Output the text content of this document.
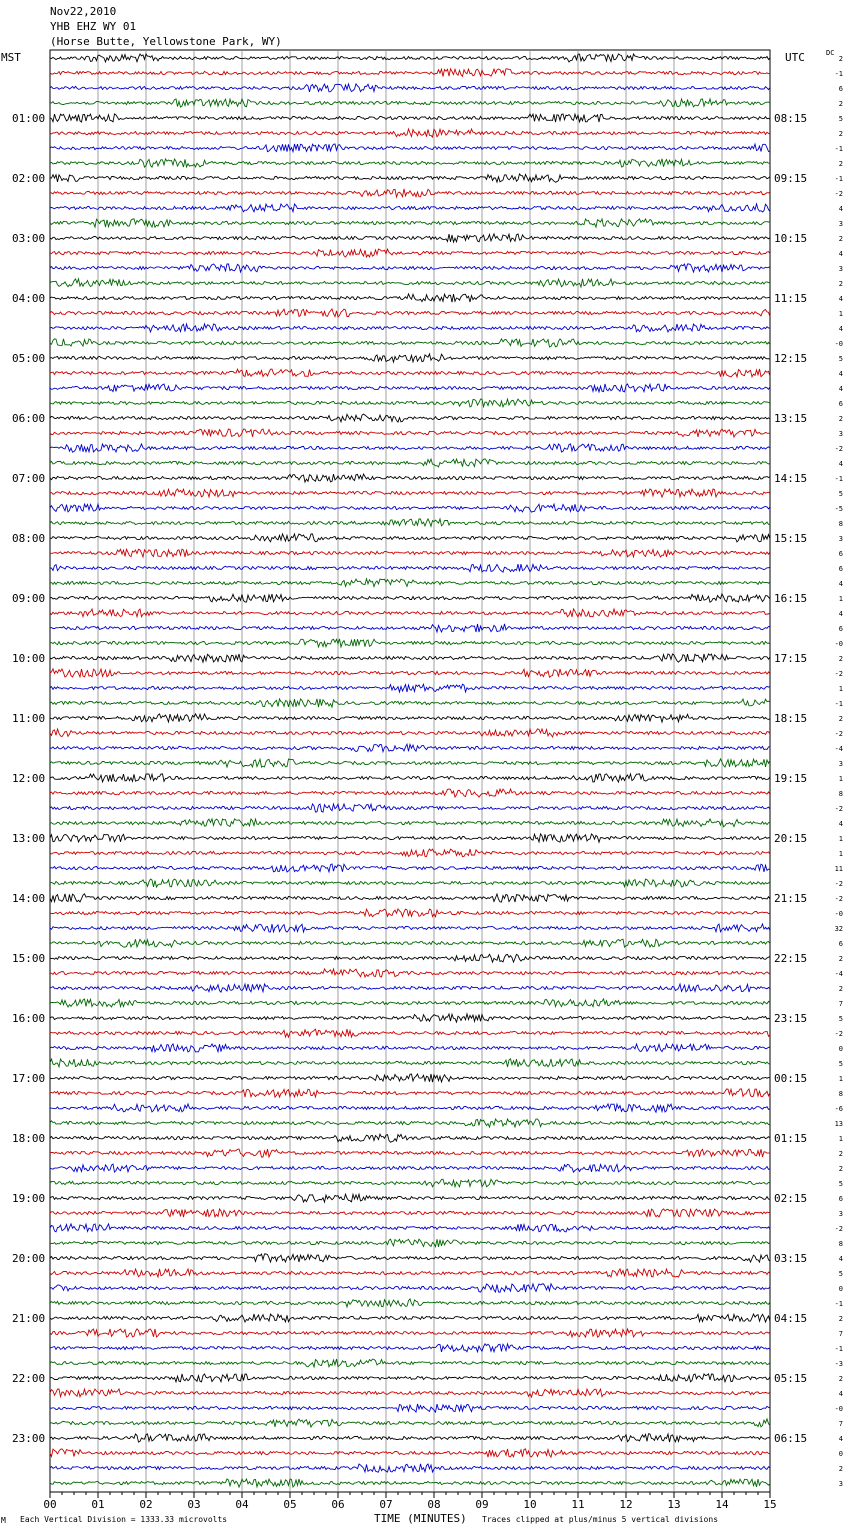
Nov22,2010
YHB EHZ WY 01
(Horse Butte, Yellowstone Park, WY)
MST	UTC	DC
00	01	02	03	04	05	06	07	08	09	10	11	12	13	14	15
2
-1
6
2
5
2
-1
2
-1
-2
4
3
2
4
3
2
4
1
4
-0
5
4
4
6
2
3
-2
4
-1
5
-5
8
3
6
6
4
1
4
6
-0
2
-2
1
-1
2
-2
-4
3
1
8
-2
4
1
1
11
-2
-2
-0
32
6
2
-4
2
7
5
-2
0
5
1
8
-6
13
1
2
2
5
6
3
-2
8
4
5
0
-1
2
7
-1
-3
2
4
-0
7
4
0
2
3
01:00
02:00
03:00
04:00
05:00
06:00
07:00
08:00
09:00
10:00
11:00
12:00
13:00
14:00
15:00
16:00
17:00
18:00
19:00
20:00
21:00
22:00
23:00
08:15
09:15
10:15
11:15
12:15
13:15
14:15
15:15
16:15
17:15
18:15
19:15
20:15
21:15
22:15
23:15
00:15
01:15
02:15
03:15
04:15
05:15
06:15
M Each Vertical Division = 1333.33 microvolts	TIME (MINUTES) Traces clipped at plus/minus 5 vertical divisions
